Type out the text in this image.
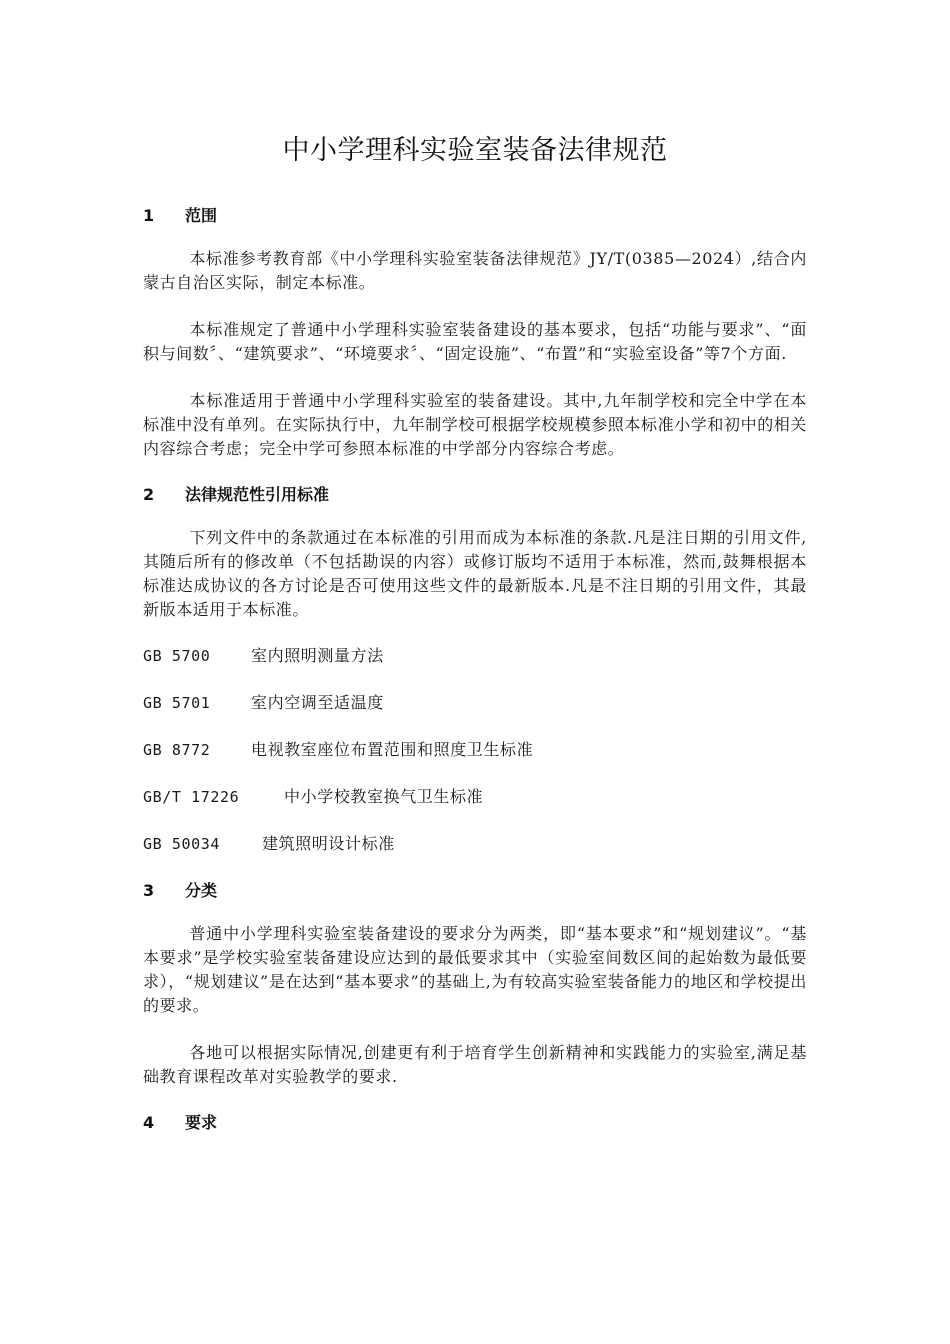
中小学理科实验室装备法律规范
1	范围

本标准参考教育部《中小学理科实验室装备法律规范》JY/T(0385—2024）,结合内蒙古自治区实际，制定本标准。

本标准规定了普通中小学理科实验室装备建设的基本要求，包括“功能与要求”、“面积与间数〞、“建筑要求”、“环境要求〞、“固定设施”、“布置”和“实验室设备”等7个方面.

本标准适用于普通中小学理科实验室的装备建设。其中,九年制学校和完全中学在本标准中没有单列。在实际执行中，九年制学校可根据学校规模参照本标准小学和初中的相关内容综合考虑；完全中学可参照本标准的中学部分内容综合考虑。

2	法律规范性引用标准

下列文件中的条款通过在本标准的引用而成为本标准的条款.凡是注日期的引用文件,其随后所有的修改单（不包括勘误的内容）或修订版均不适用于本标准，然而,鼓舞根据本标准达成协议的各方讨论是否可使用这些文件的最新版本.凡是不注日期的引用文件，其最新版本适用于本标准。

GB 5700	室内照明测量方法
GB 5701	室内空调至适温度
GB 8772	电视教室座位布置范围和照度卫生标准
GB/T 17226	中小学校教室换气卫生标准
GB 50034	建筑照明设计标准
3	分类

普通中小学理科实验室装备建设的要求分为两类，即“基本要求”和“规划建议”。“基本要求”是学校实验室装备建设应达到的最低要求其中（实验室间数区间的起始数为最低要求），“规划建议”是在达到“基本要求”的基础上,为有较高实验室装备能力的地区和学校提出的要求。

各地可以根据实际情况,创建更有利于培育学生创新精神和实践能力的实验室,满足基础教育课程改革对实验教学的要求.

4	要求
